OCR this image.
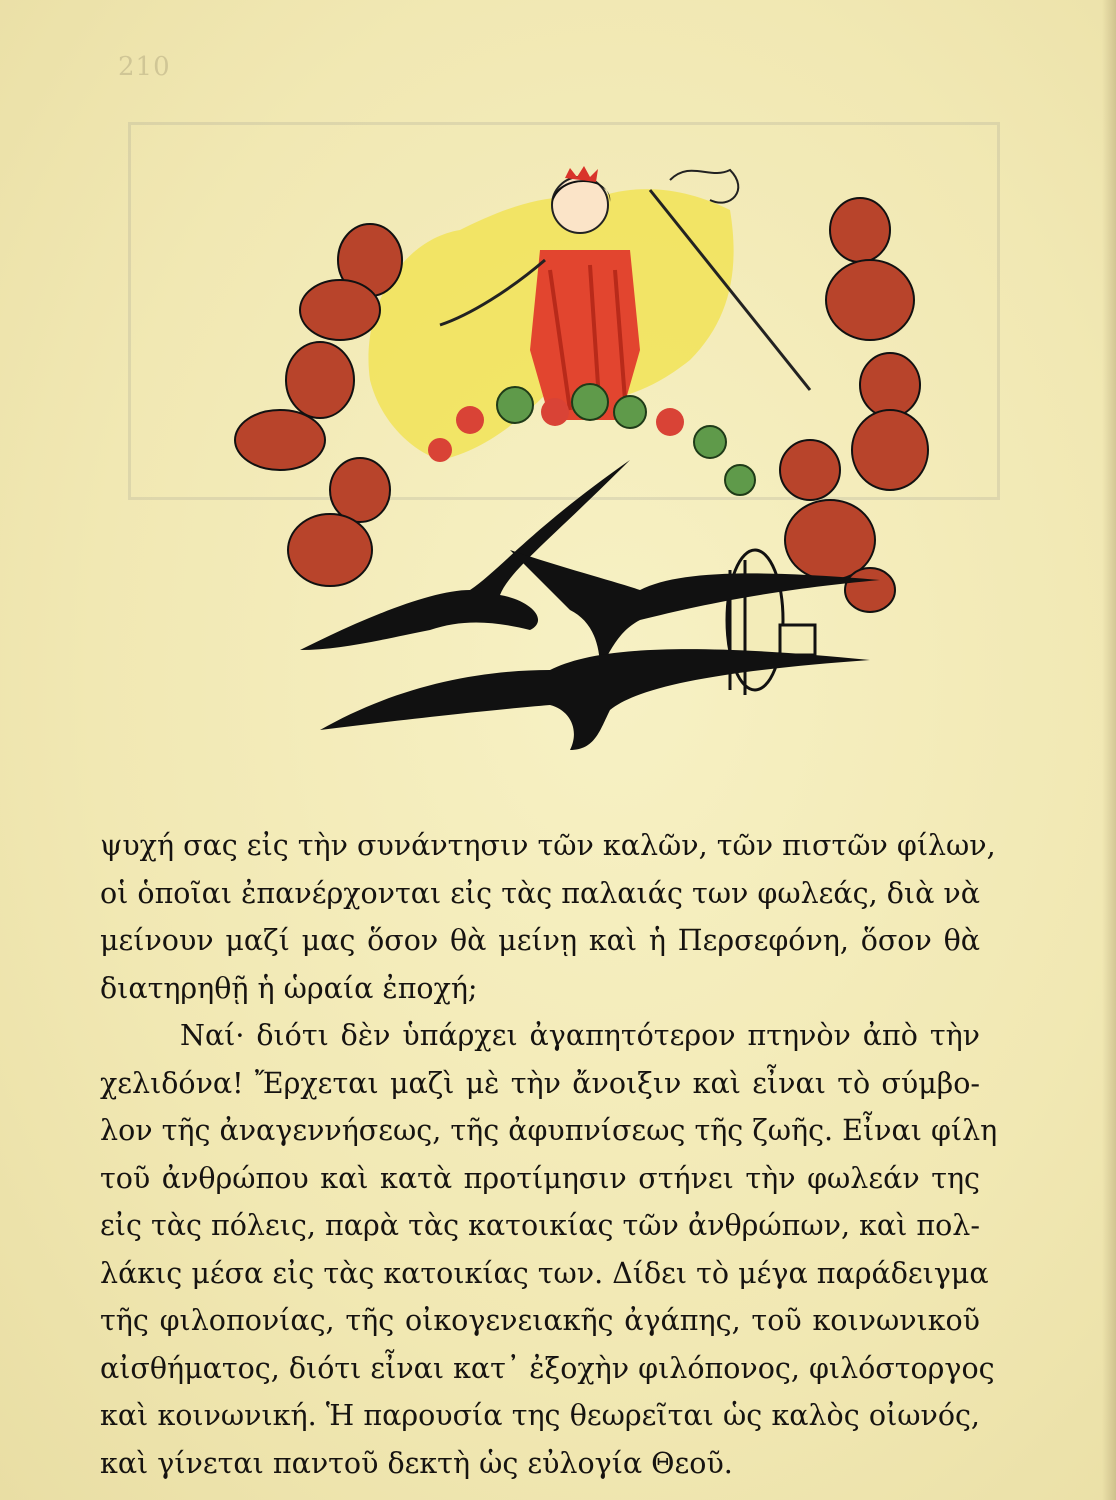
210

ψυχή σας εἰς τὴν συνάντησιν τῶν καλῶν, τῶν πιστῶν φίλων,
οἱ ὁποῖαι ἐπανέρχονται εἰς τὰς παλαιάς των φωλεάς, διὰ νὰ
μείνουν μαζί μας ὅσον θὰ μείνῃ καὶ ἡ Περσεφόνη, ὅσον θὰ
διατηρηθῇ ἡ ὡραία ἐποχή;

Ναί· διότι δὲν ὑπάρχει ἀγαπητότερον πτηνὸν ἀπὸ τὴν
χελιδόνα! Ἔρχεται μαζὶ μὲ τὴν ἄνοιξιν καὶ εἶναι τὸ σύμβο-
λον τῆς ἀναγεννήσεως, τῆς ἀφυπνίσεως τῆς ζωῆς. Εἶναι φίλη
τοῦ ἀνθρώπου καὶ κατὰ προτίμησιν στήνει τὴν φωλεάν της
εἰς τὰς πόλεις, παρὰ τὰς κατοικίας τῶν ἀνθρώπων, καὶ πολ-
λάκις μέσα εἰς τὰς κατοικίας των. Δίδει τὸ μέγα παράδειγμα
τῆς φιλοπονίας, τῆς οἰκογενειακῆς ἀγάπης, τοῦ κοινωνικοῦ
αἰσθήματος, διότι εἶναι κατ᾽ ἐξοχὴν φιλόπονος, φιλόστοργος
καὶ κοινωνική. Ἡ παρουσία της θεωρεῖται ὡς καλὸς οἰωνός,
καὶ γίνεται παντοῦ δεκτὴ ὡς εὐλογία Θεοῦ.
